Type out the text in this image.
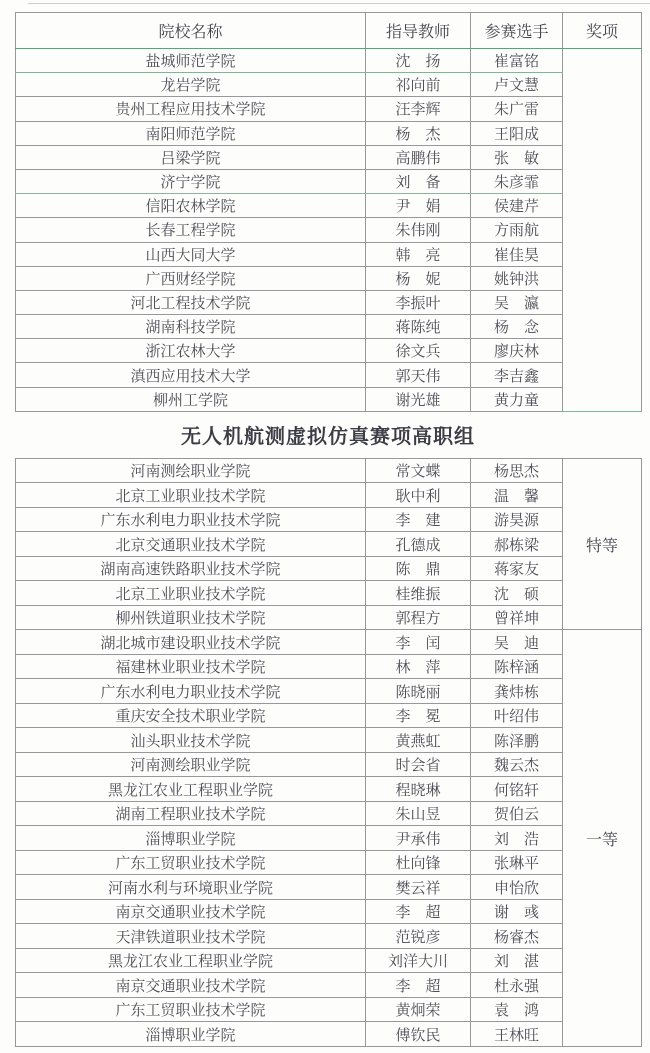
院校名称	指导教师	参赛选手	奖项
盐城师范学院	沈　扬	崔富铭	
龙岩学院	祁向前	卢文慧	
贵州工程应用技术学院	汪李辉	朱广雷	
南阳师范学院	杨　杰	王阳成	
吕梁学院	高鹏伟	张　敏	
济宁学院	刘　备	朱彦霏	
信阳农林学院	尹　娟	侯建芹	
长春工程学院	朱伟刚	方雨航	
山西大同大学	韩　亮	崔佳昊	
广西财经学院	杨　妮	姚钟洪	
河北工程技术学院	李振叶	吴　瀛	
湖南科技学院	蒋陈纯	杨　念	
浙江农林大学	徐文兵	廖庆林	
滇西应用技术大学	郭天伟	李吉鑫	
柳州工学院	谢光雄	黄力童	
无人机航测虚拟仿真赛项高职组
河南测绘职业学院	常文蝶	杨思杰	特等
北京工业职业技术学院	耿中利	温　馨	
广东水利电力职业技术学院	李　建	游昊源	
北京交通职业技术学院	孔德成	郝栋梁	
湖南高速铁路职业技术学院	陈　鼎	蒋家友	
北京工业职业技术学院	桂维振	沈　硕	
柳州铁道职业技术学院	郭程方	曾祥坤	
湖北城市建设职业技术学院	李　闰	吴　迪	一等
福建林业职业技术学院	林　萍	陈梓涵	
广东水利电力职业技术学院	陈晓丽	龚炜栋	
重庆安全技术职业学院	李　冕	叶绍伟	
汕头职业技术学院	黄燕虹	陈泽鹏	
河南测绘职业学院	时会省	魏云杰	
黑龙江农业工程职业学院	程晓琳	何铭轩	
湖南工程职业技术学院	朱山昱	贺伯云	
淄博职业学院	尹承伟	刘　浩	
广东工贸职业技术学院	杜向锋	张琳平	
河南水利与环境职业学院	樊云祥	申怡欣	
南京交通职业技术学院	李　超	谢　彧	
天津铁道职业技术学院	范锐彦	杨睿杰	
黑龙江农业工程职业学院	刘洋大川	刘　湛	
南京交通职业技术学院	李　超	杜永强	
广东工贸职业技术学院	黄炯荣	袁　鸿	
淄博职业学院	傅钦民	王林旺	
